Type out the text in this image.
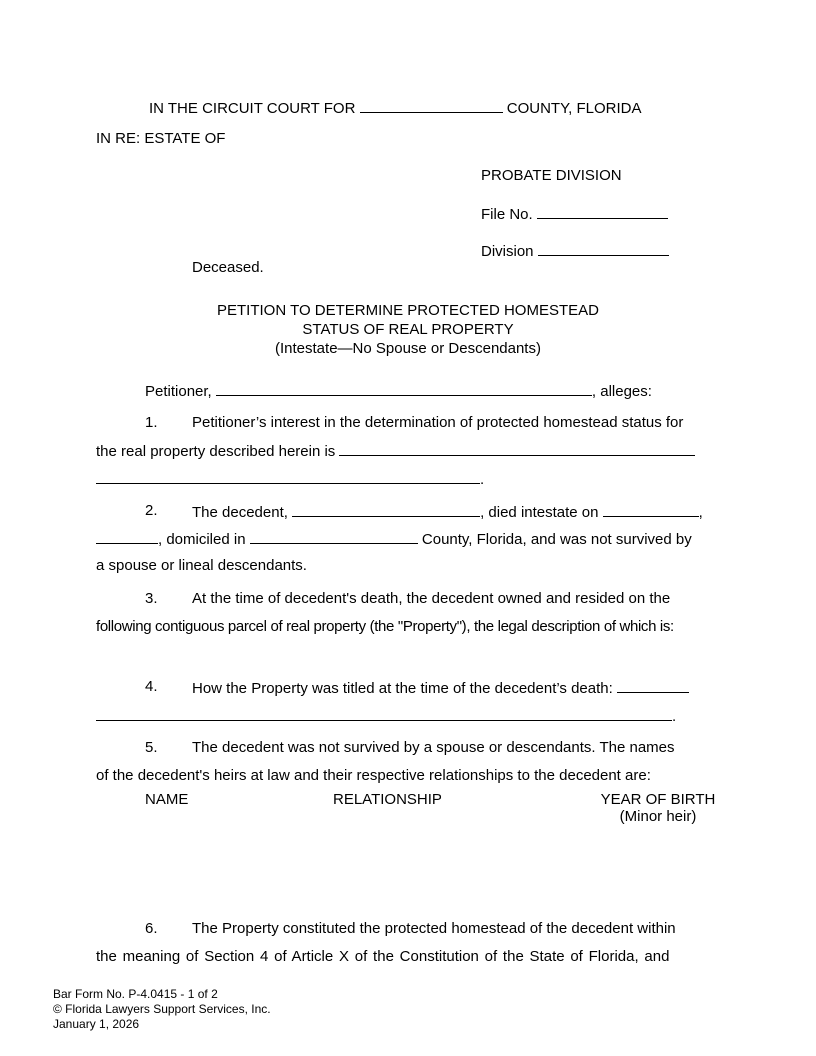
IN THE CIRCUIT COURT FOR	COUNTY, FLORIDA
IN RE: ESTATE OF
PROBATE DIVISION
File No.
Division
Deceased.
PETITION TO DETERMINE PROTECTED HOMESTEAD
STATUS OF REAL PROPERTY
(Intestate—No Spouse or Descendants)
Petitioner,	, alleges:
1. Petitioner’s interest in the determination of protected homestead status for
the real property described herein is
.
2. The decedent,	, died intestate on	,
, domiciled in	County, Florida, and was not survived by
a spouse or lineal descendants.
3. At the time of decedent's death, the decedent owned and resided on the
following contiguous parcel of real property (the "Property"), the legal description of which is:
4. How the Property was titled at the time of the decedent’s death:
.
5. The decedent was not survived by a spouse or descendants. The names
of the decedent's heirs at law and their respective relationships to the decedent are:
NAME	RELATIONSHIP	YEAR OF BIRTH
(Minor heir)
6. The Property constituted the protected homestead of the decedent within
the meaning of Section 4 of Article X of the Constitution of the State of Florida, and
Bar Form No. P-4.0415 - 1 of 2
© Florida Lawyers Support Services, Inc.
January 1, 2026
